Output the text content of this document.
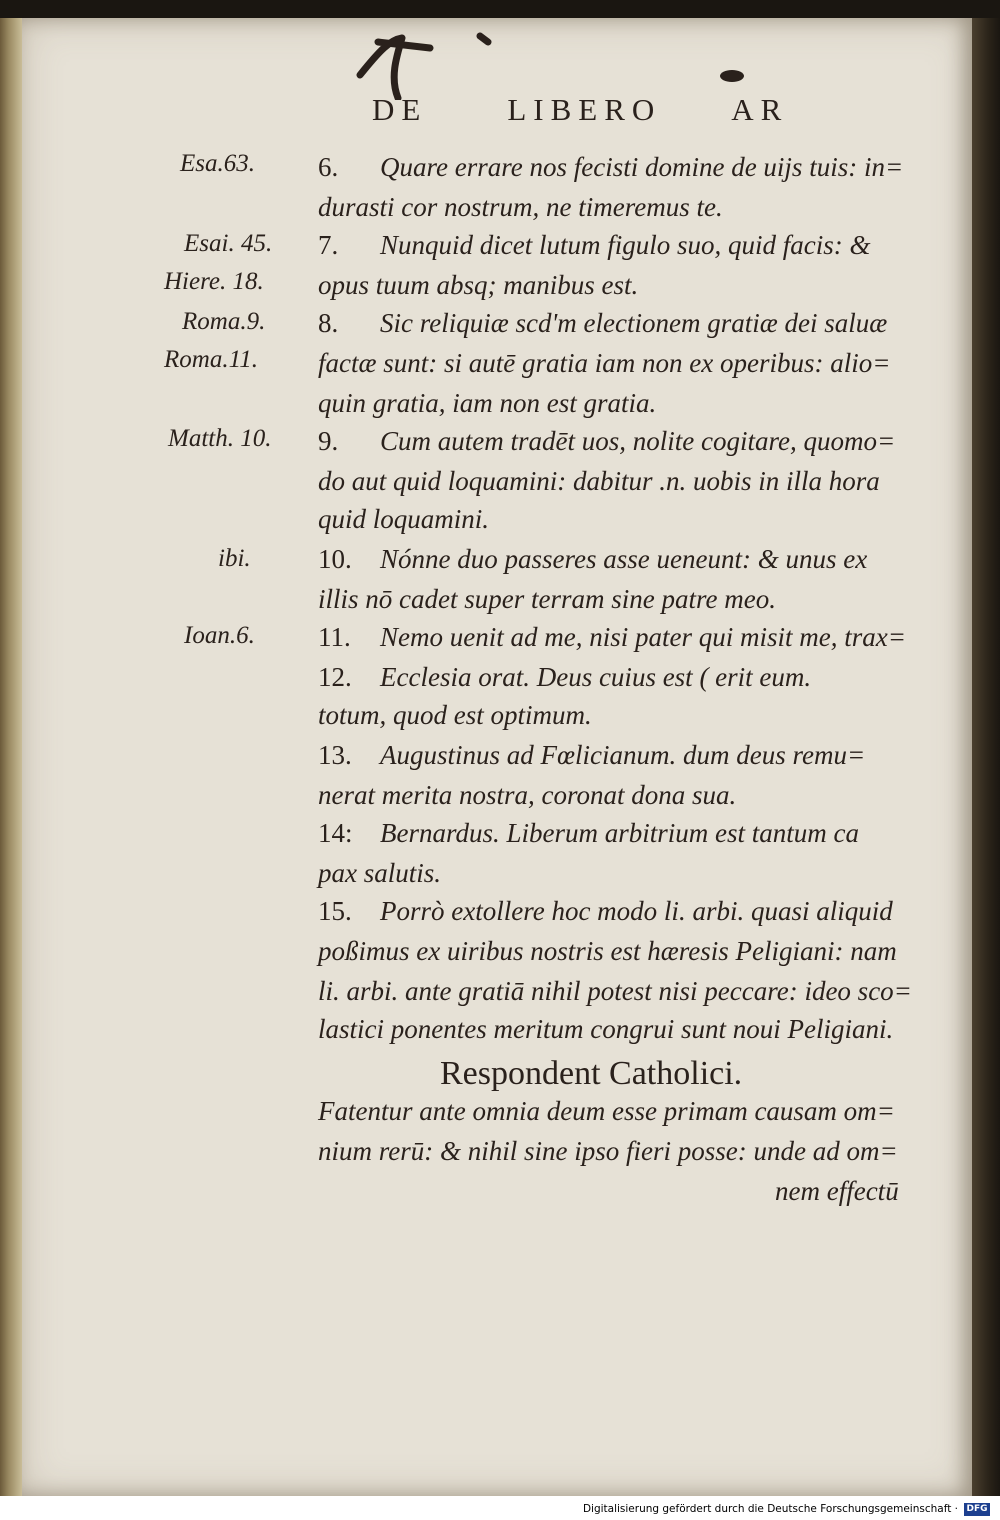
DE	LIBERO AR
Esa.63.
Esai. 45.
Hiere. 18.
Roma.9.
Roma.11.
Matth. 10.
ibi.
Ioan.6.
6. Quare errare nos fecisti domine de uijs tuis: in=
durasti cor nostrum, ne timeremus te.
7. Nunquid dicet lutum figulo suo, quid facis: &
opus tuum absq; manibus est.
8. Sic reliquiæ scd'm electionem gratiæ dei saluæ
factæ sunt: si autē gratia iam non ex operibus: alio=
quin gratia, iam non est gratia.
9. Cum autem tradēt uos, nolite cogitare, quomo=
do aut quid loquamini: dabitur .n. uobis in illa hora
quid loquamini.
10. Nónne duo passeres asse ueneunt: & unus ex
illis nō cadet super terram sine patre meo.
11. Nemo uenit ad me, nisi pater qui misit me, trax=
12. Ecclesia orat. Deus cuius est ( erit eum.
totum, quod est optimum.
13. Augustinus ad Fœlicianum. dum deus remu=
nerat merita nostra, coronat dona sua.
14: Bernardus. Liberum arbitrium est tantum ca
pax salutis.
15. Porrò extollere hoc modo li. arbi. quasi aliquid
poßimus ex uiribus nostris est hæresis Peligiani: nam
li. arbi. ante gratiā nihil potest nisi peccare: ideo sco=
lastici ponentes meritum congrui sunt noui Peligiani.
Respondent Catholici.
Fatentur ante omnia deum esse primam causam om=
nium rerū: & nihil sine ipso fieri posse: unde ad om=
nem effectū
Digitalisierung gefördert durch die Deutsche Forschungsgemeinschaft · DFG
